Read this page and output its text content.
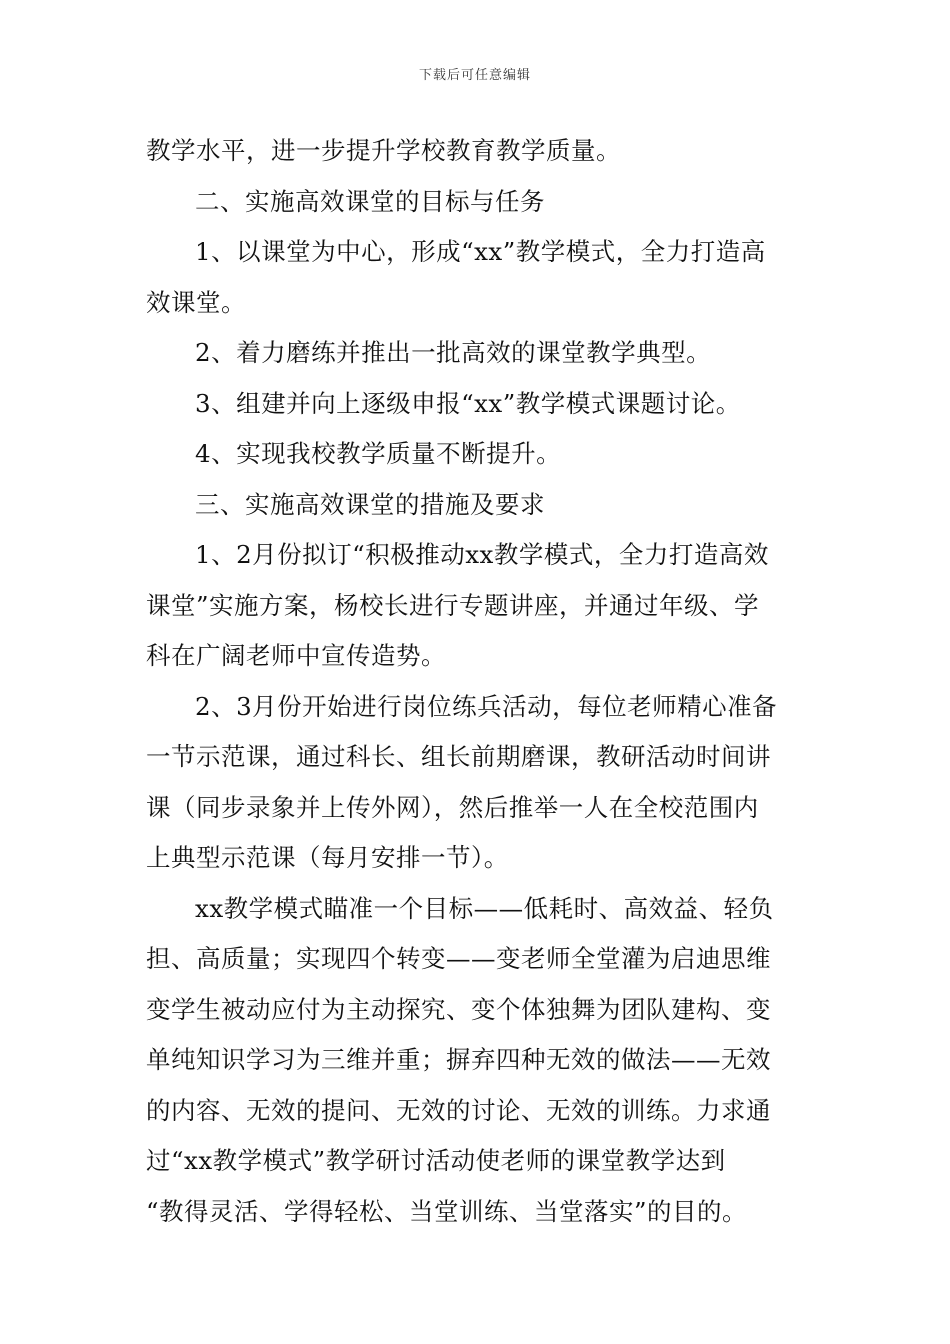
下载后可任意编辑
教学水平，进一步提升学校教育教学质量。
二、实施高效课堂的目标与任务
1、以课堂为中心，形成“xx”教学模式，全力打造高
效课堂。
2、着力磨练并推出一批高效的课堂教学典型。
3、组建并向上逐级申报“xx”教学模式课题讨论。
4、实现我校教学质量不断提升。
三、实施高效课堂的措施及要求
1、2月份拟订“积极推动xx教学模式，全力打造高效
课堂”实施方案，杨校长进行专题讲座，并通过年级、学
科在广阔老师中宣传造势。
2、3月份开始进行岗位练兵活动，每位老师精心准备
一节示范课，通过科长、组长前期磨课，教研活动时间讲
课（同步录象并上传外网），然后推举一人在全校范围内
上典型示范课（每月安排一节）。
xx教学模式瞄准一个目标——低耗时、高效益、轻负
担、高质量；实现四个转变——变老师全堂灌为启迪思维
变学生被动应付为主动探究、变个体独舞为团队建构、变
单纯知识学习为三维并重；摒弃四种无效的做法——无效
的内容、无效的提问、无效的讨论、无效的训练。力求通
过“xx教学模式”教学研讨活动使老师的课堂教学达到
“教得灵活、学得轻松、当堂训练、当堂落实”的目的。
